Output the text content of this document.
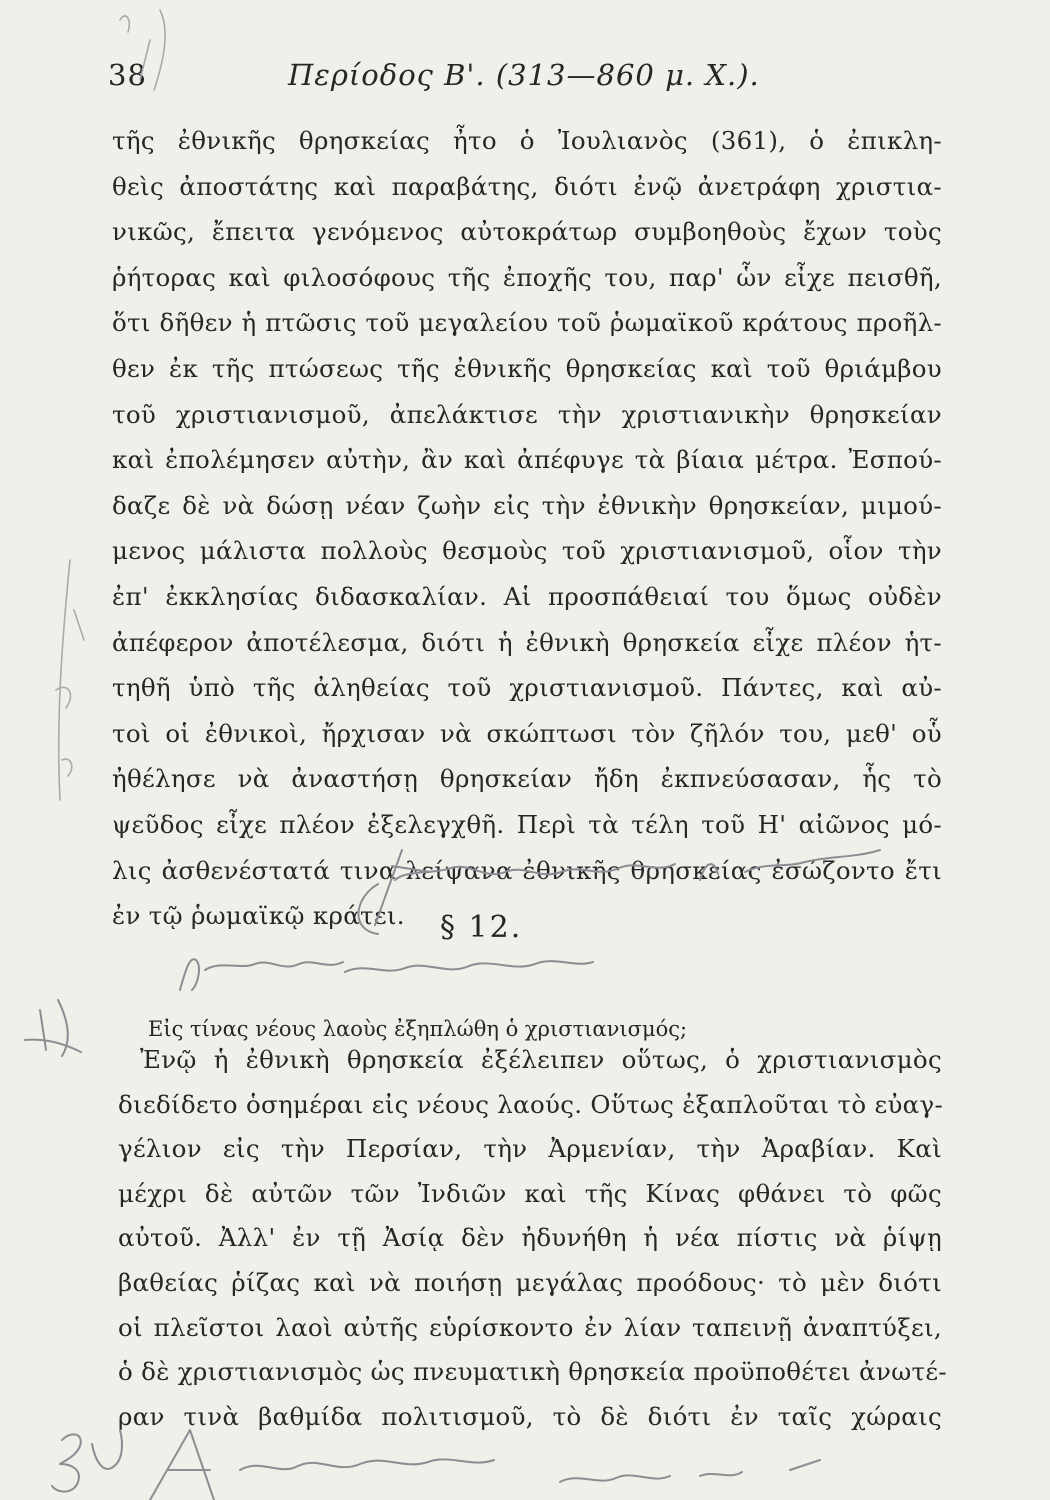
38	Περίοδος Β'. (313—860 μ. Χ.).
τῆς ἐθνικῆς θρησκείας ἦτο ὁ Ἰουλιανὸς (361), ὁ ἐπικλη-
θεὶς ἀποστάτης καὶ παραβάτης, διότι ἐνῷ ἀνετράφη χριστια-
νικῶς, ἔπειτα γενόμενος αὐτοκράτωρ συμβοηθοὺς ἔχων τοὺς
ῥήτορας καὶ φιλοσόφους τῆς ἐποχῆς του, παρ' ὧν εἶχε πεισθῆ,
ὅτι δῆθεν ἡ πτῶσις τοῦ μεγαλείου τοῦ ῥωμαϊκοῦ κράτους προῆλ-
θεν ἐκ τῆς πτώσεως τῆς ἐθνικῆς θρησκείας καὶ τοῦ θριάμβου
τοῦ χριστιανισμοῦ, ἀπελάκτισε τὴν χριστιανικὴν θρησκείαν
καὶ ἐπολέμησεν αὐτὴν, ἂν καὶ ἀπέφυγε τὰ βίαια μέτρα. Ἐσπού-
δαζε δὲ νὰ δώσῃ νέαν ζωὴν εἰς τὴν ἐθνικὴν θρησκείαν, μιμού-
μενος μάλιστα πολλοὺς θεσμοὺς τοῦ χριστιανισμοῦ, οἷον τὴν
ἐπ' ἐκκλησίας διδασκαλίαν. Αἱ προσπάθειαί του ὅμως οὐδὲν
ἀπέφερον ἀποτέλεσμα, διότι ἡ ἐθνικὴ θρησκεία εἶχε πλέον ἡτ-
τηθῆ ὑπὸ τῆς ἀληθείας τοῦ χριστιανισμοῦ. Πάντες, καὶ αὐ-
τοὶ οἱ ἐθνικοὶ, ἤρχισαν νὰ σκώπτωσι τὸν ζῆλόν του, μεθ' οὗ
ἠθέλησε νὰ ἀναστήσῃ θρησκείαν ἤδη ἐκπνεύσασαν, ἧς τὸ
ψεῦδος εἶχε πλέον ἐξελεγχθῆ. Περὶ τὰ τέλη τοῦ Η' αἰῶνος μό-
λις ἀσθενέστατά τινα λείψανα ἐθνικῆς θρησκείας ἐσώζοντο ἔτι
ἐν τῷ ῥωμαϊκῷ κράτει.	§ 12.
Εἰς τίνας νέους λαοὺς ἐξηπλώθη ὁ χριστιανισμός;
Ἐνῷ ἡ ἐθνικὴ θρησκεία ἐξέλειπεν οὕτως, ὁ χριστιανισμὸς
διεδίδετο ὁσημέραι εἰς νέους λαούς. Οὕτως ἐξαπλοῦται τὸ εὐαγ-
γέλιον εἰς τὴν Περσίαν, τὴν Ἀρμενίαν, τὴν Ἀραβίαν. Καὶ
μέχρι δὲ αὐτῶν τῶν Ἰνδιῶν καὶ τῆς Κίνας φθάνει τὸ φῶς
αὐτοῦ. Ἀλλ' ἐν τῇ Ἀσίᾳ δὲν ἠδυνήθη ἡ νέα πίστις νὰ ῥίψῃ
βαθείας ῥίζας καὶ νὰ ποιήσῃ μεγάλας προόδους· τὸ μὲν διότι
οἱ πλεῖστοι λαοὶ αὐτῆς εὑρίσκοντο ἐν λίαν ταπεινῇ ἀναπτύξει,
ὁ δὲ χριστιανισμὸς ὡς πνευματικὴ θρησκεία προϋποθέτει ἀνωτέ-
ραν τινὰ βαθμίδα πολιτισμοῦ, τὸ δὲ διότι ἐν ταῖς χώραις
